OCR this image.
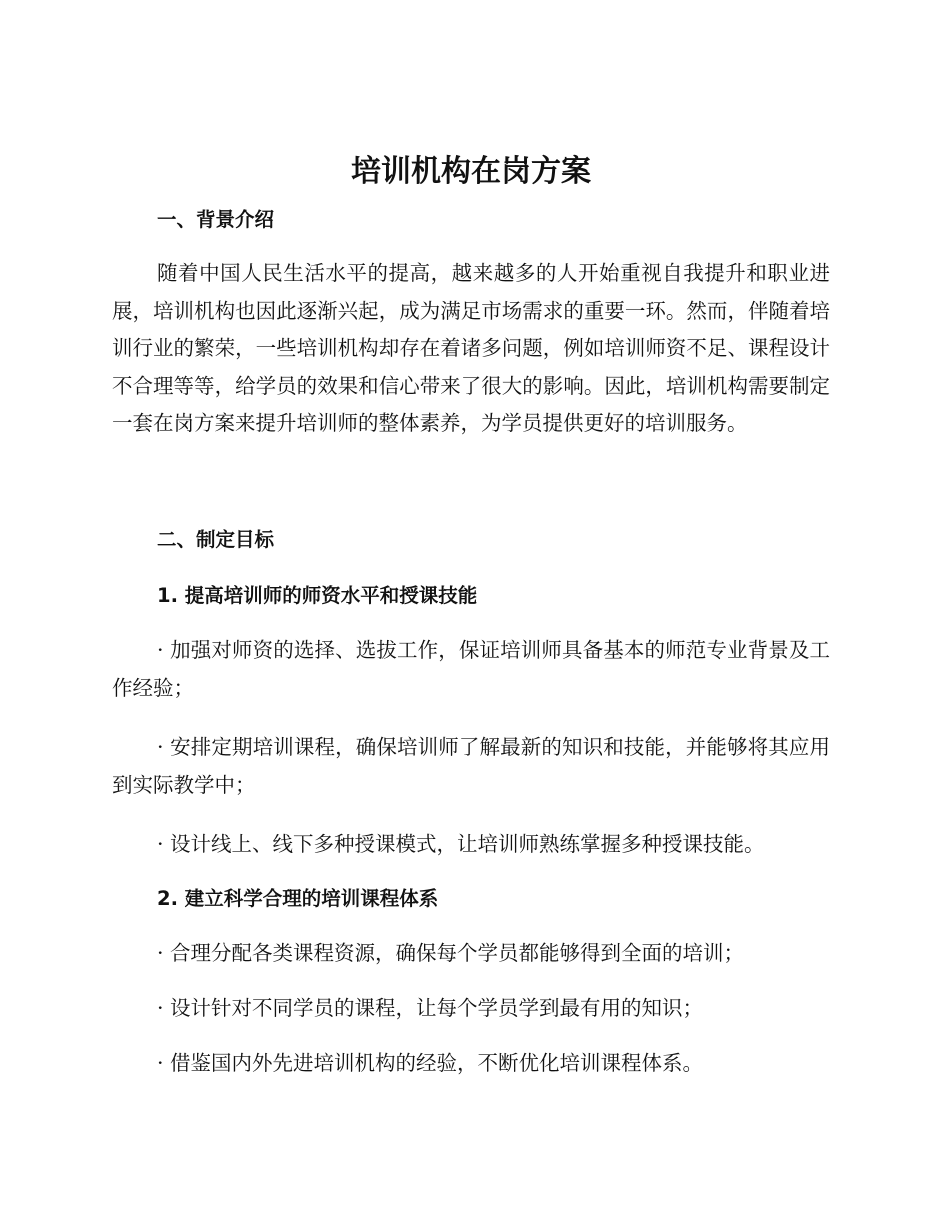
培训机构在岗方案
一、背景介绍

随着中国人民生活水平的提高，越来越多的人开始重视自我提升和职业进展，培训机构也因此逐渐兴起，成为满足市场需求的重要一环。然而，伴随着培训行业的繁荣，一些培训机构却存在着诸多问题，例如培训师资不足、课程设计不合理等等，给学员的效果和信心带来了很大的影响。因此，培训机构需要制定一套在岗方案来提升培训师的整体素养，为学员提供更好的培训服务。

二、制定目标
1. 提高培训师的师资水平和授课技能

· 加强对师资的选择、选拔工作，保证培训师具备基本的师范专业背景及工作经验；

· 安排定期培训课程，确保培训师了解最新的知识和技能，并能够将其应用到实际教学中；

· 设计线上、线下多种授课模式，让培训师熟练掌握多种授课技能。

2. 建立科学合理的培训课程体系

· 合理分配各类课程资源，确保每个学员都能够得到全面的培训；

· 设计针对不同学员的课程，让每个学员学到最有用的知识；

· 借鉴国内外先进培训机构的经验，不断优化培训课程体系。
